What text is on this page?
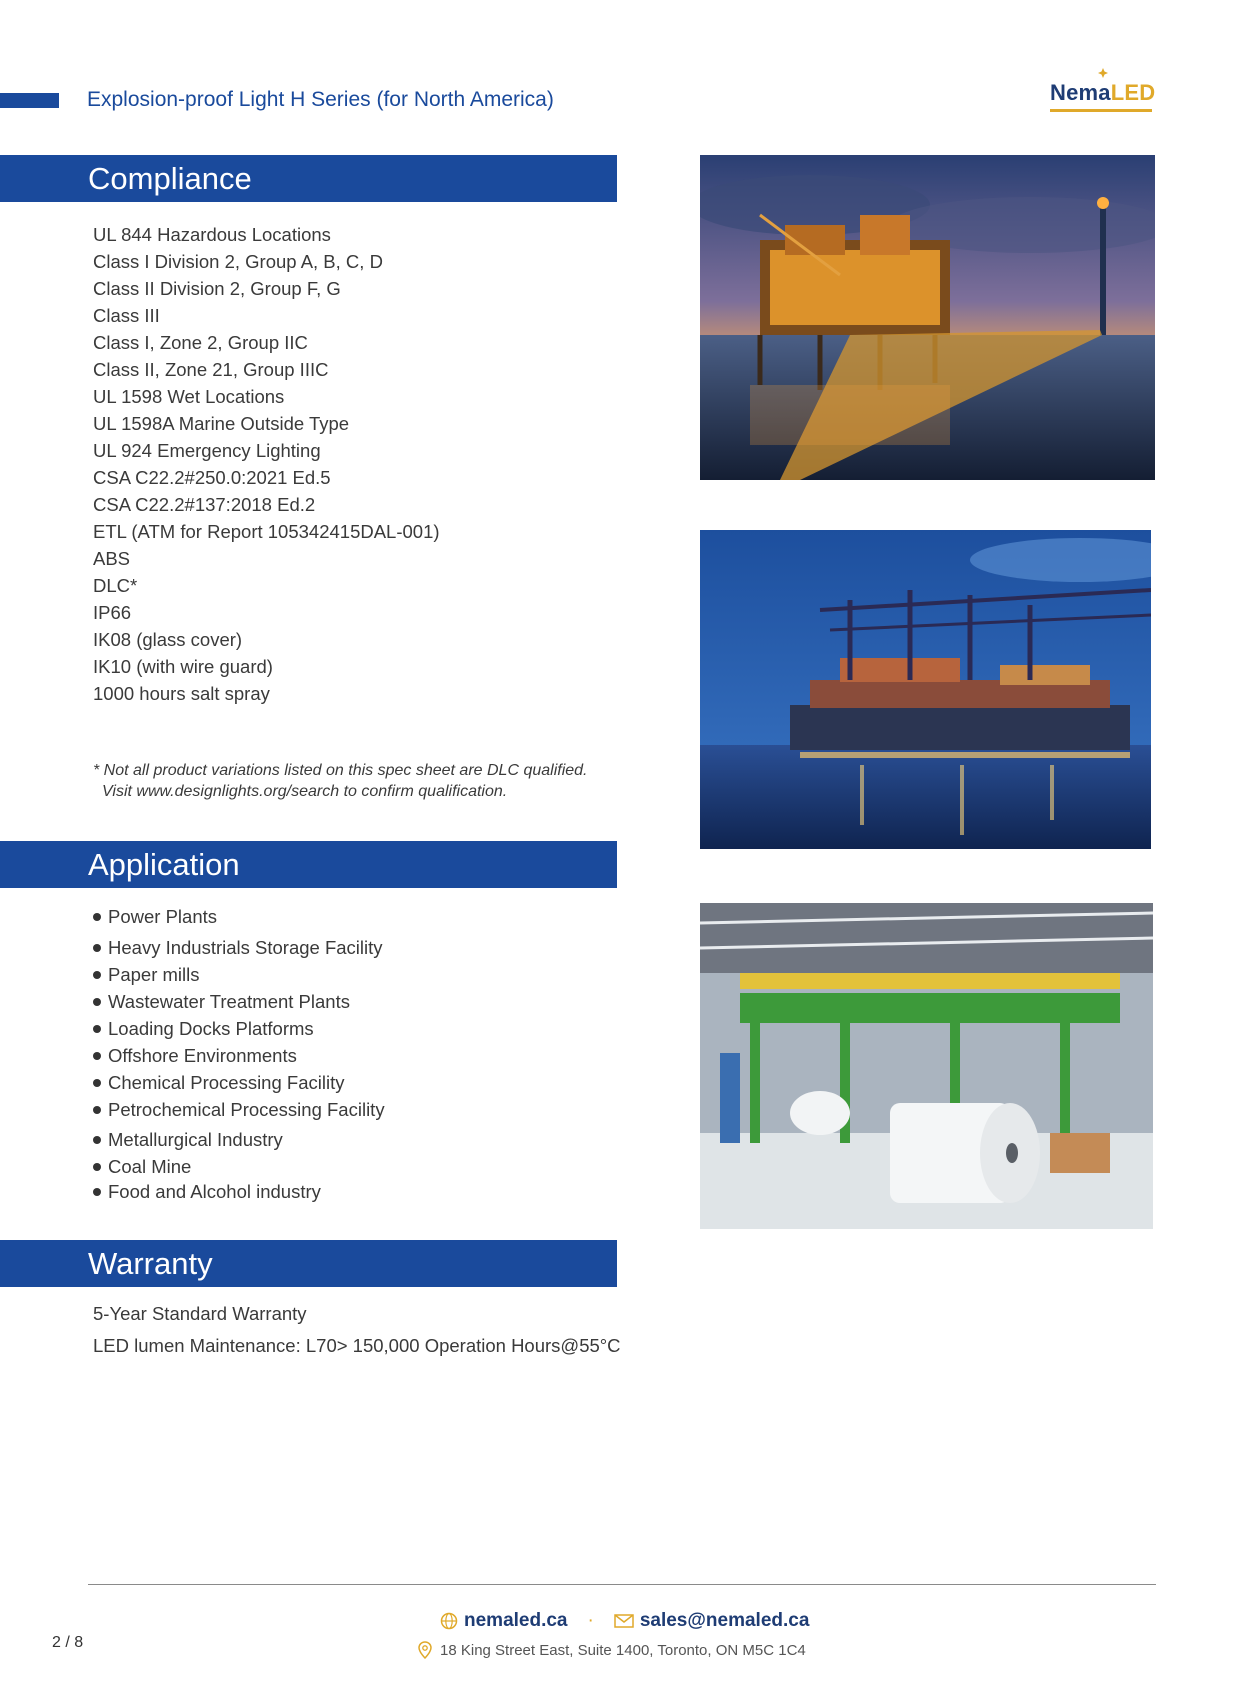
Explosion-proof Light H Series (for North America)	NemaLED
Compliance
UL 844 Hazardous Locations
Class I Division 2, Group A, B, C, D
Class II Division 2, Group F, G
Class III
Class I, Zone 2, Group IIC
Class II, Zone 21, Group IIIC
UL 1598 Wet Locations
UL 1598A Marine Outside Type
UL 924 Emergency Lighting
CSA C22.2#250.0:2021 Ed.5
CSA C22.2#137:2018 Ed.2
ETL (ATM for Report 105342415DAL-001)
ABS
DLC*
IP66
IK08 (glass cover)
IK10 (with wire guard)
1000 hours salt spray
* Not all product variations listed on this spec sheet are DLC qualified.
Visit www.designlights.org/search to confirm qualification.
Application
Power Plants
Heavy Industrials Storage Facility
Paper mills
Wastewater Treatment Plants
Loading Docks Platforms
Offshore Environments
Chemical Processing Facility
Petrochemical Processing Facility
Metallurgical Industry
Coal Mine
Food and Alcohol industry
Warranty
5-Year Standard Warranty
LED lumen Maintenance: L70> 150,000 Operation Hours@55°C
nemaled.ca · sales@nemaled.ca
18 King Street East, Suite 1400, Toronto, ON M5C 1C4
2 / 8
